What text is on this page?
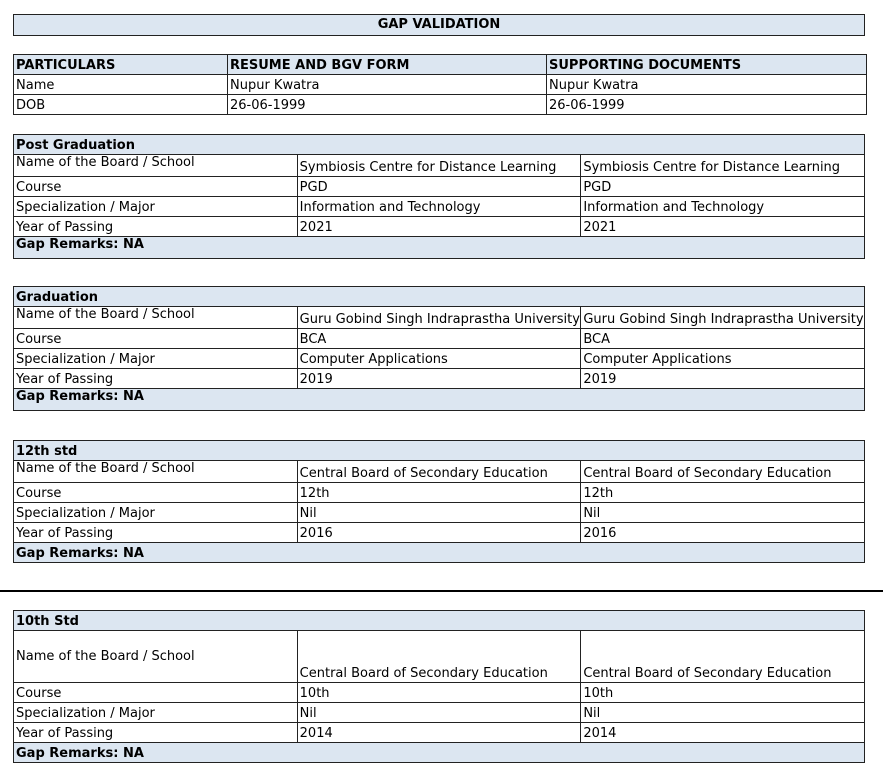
GAP VALIDATION
PARTICULARS	RESUME AND BGV FORM	SUPPORTING DOCUMENTS
Name	Nupur Kwatra	Nupur Kwatra
DOB	26-06-1999	26-06-1999
Post Graduation		
Name of the Board / School	Symbiosis Centre for Distance Learning	Symbiosis Centre for Distance Learning
Course	PGD	PGD
Specialization / Major	Information and Technology	Information and Technology
Year of Passing	2021	2021
Gap Remarks: NA		
Graduation		
Name of the Board / School	Guru Gobind Singh Indraprastha University	Guru Gobind Singh Indraprastha University
Course	BCA	BCA
Specialization / Major	Computer Applications	Computer Applications
Year of Passing	2019	2019
Gap Remarks: NA		
12th std		
Name of the Board / School	Central Board of Secondary Education	Central Board of Secondary Education
Course	12th	12th
Specialization / Major	Nil	Nil
Year of Passing	2016	2016
Gap Remarks: NA		
10th Std		
Name of the Board / School	Central Board of Secondary Education	Central Board of Secondary Education
Course	10th	10th
Specialization / Major	Nil	Nil
Year of Passing	2014	2014
Gap Remarks: NA		
